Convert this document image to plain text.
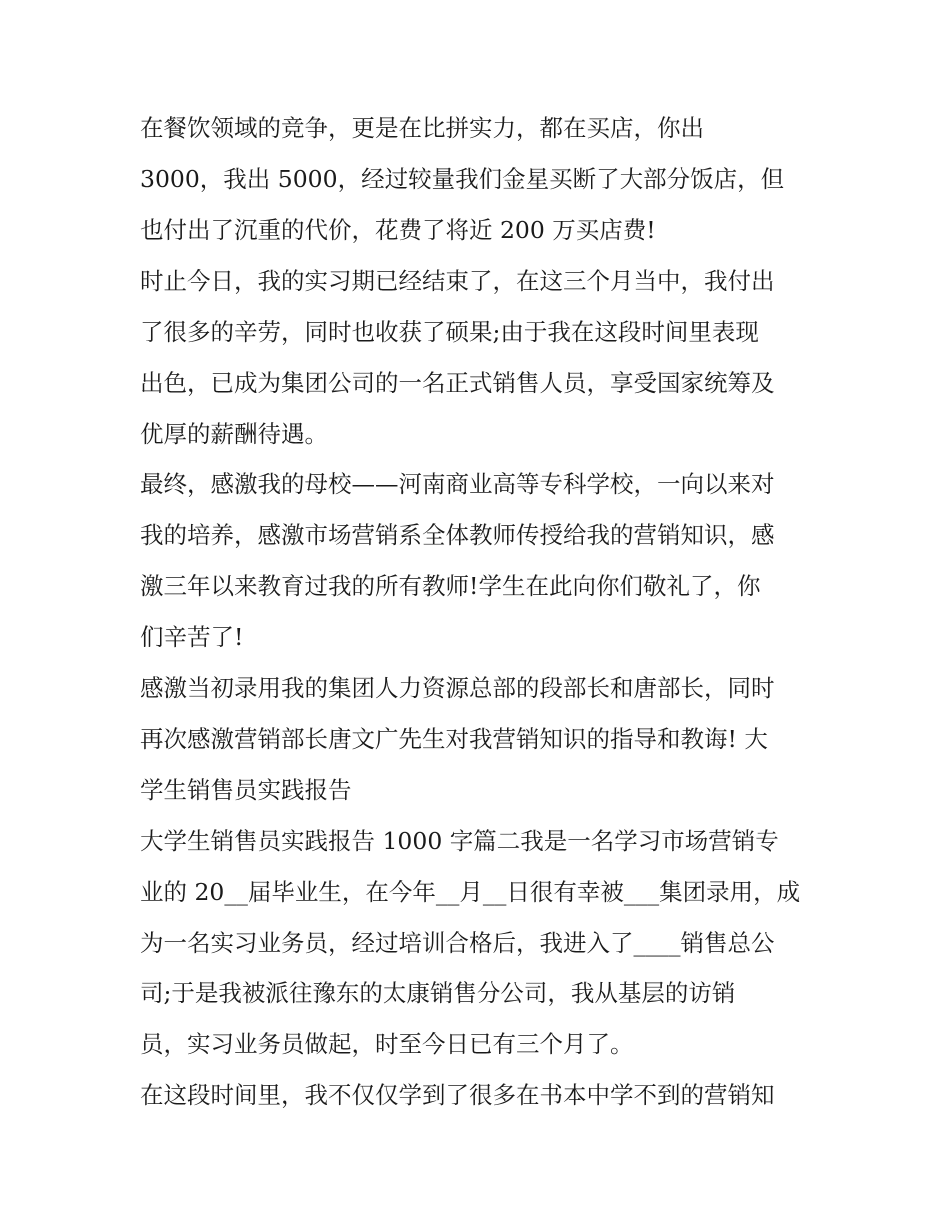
在餐饮领域的竞争，更是在比拼实力，都在买店，你出
3000，我出 5000，经过较量我们金星买断了大部分饭店，但
也付出了沉重的代价，花费了将近 200 万买店费!
时止今日，我的实习期已经结束了，在这三个月当中，我付出
了很多的辛劳，同时也收获了硕果;由于我在这段时间里表现
出色，已成为集团公司的一名正式销售人员，享受国家统筹及
优厚的薪酬待遇。
最终，感激我的母校——河南商业高等专科学校，一向以来对
我的培养，感激市场营销系全体教师传授给我的营销知识，感
激三年以来教育过我的所有教师!学生在此向你们敬礼了，你
们辛苦了!
感激当初录用我的集团人力资源总部的段部长和唐部长，同时
再次感激营销部长唐文广先生对我营销知识的指导和教诲! 大
学生销售员实践报告
大学生销售员实践报告 1000 字篇二我是一名学习市场营销专
业的 20__届毕业生，在今年__月__日很有幸被___集团录用，成
为一名实习业务员，经过培训合格后，我进入了____销售总公
司;于是我被派往豫东的太康销售分公司，我从基层的访销
员，实习业务员做起，时至今日已有三个月了。
在这段时间里，我不仅仅学到了很多在书本中学不到的营销知
